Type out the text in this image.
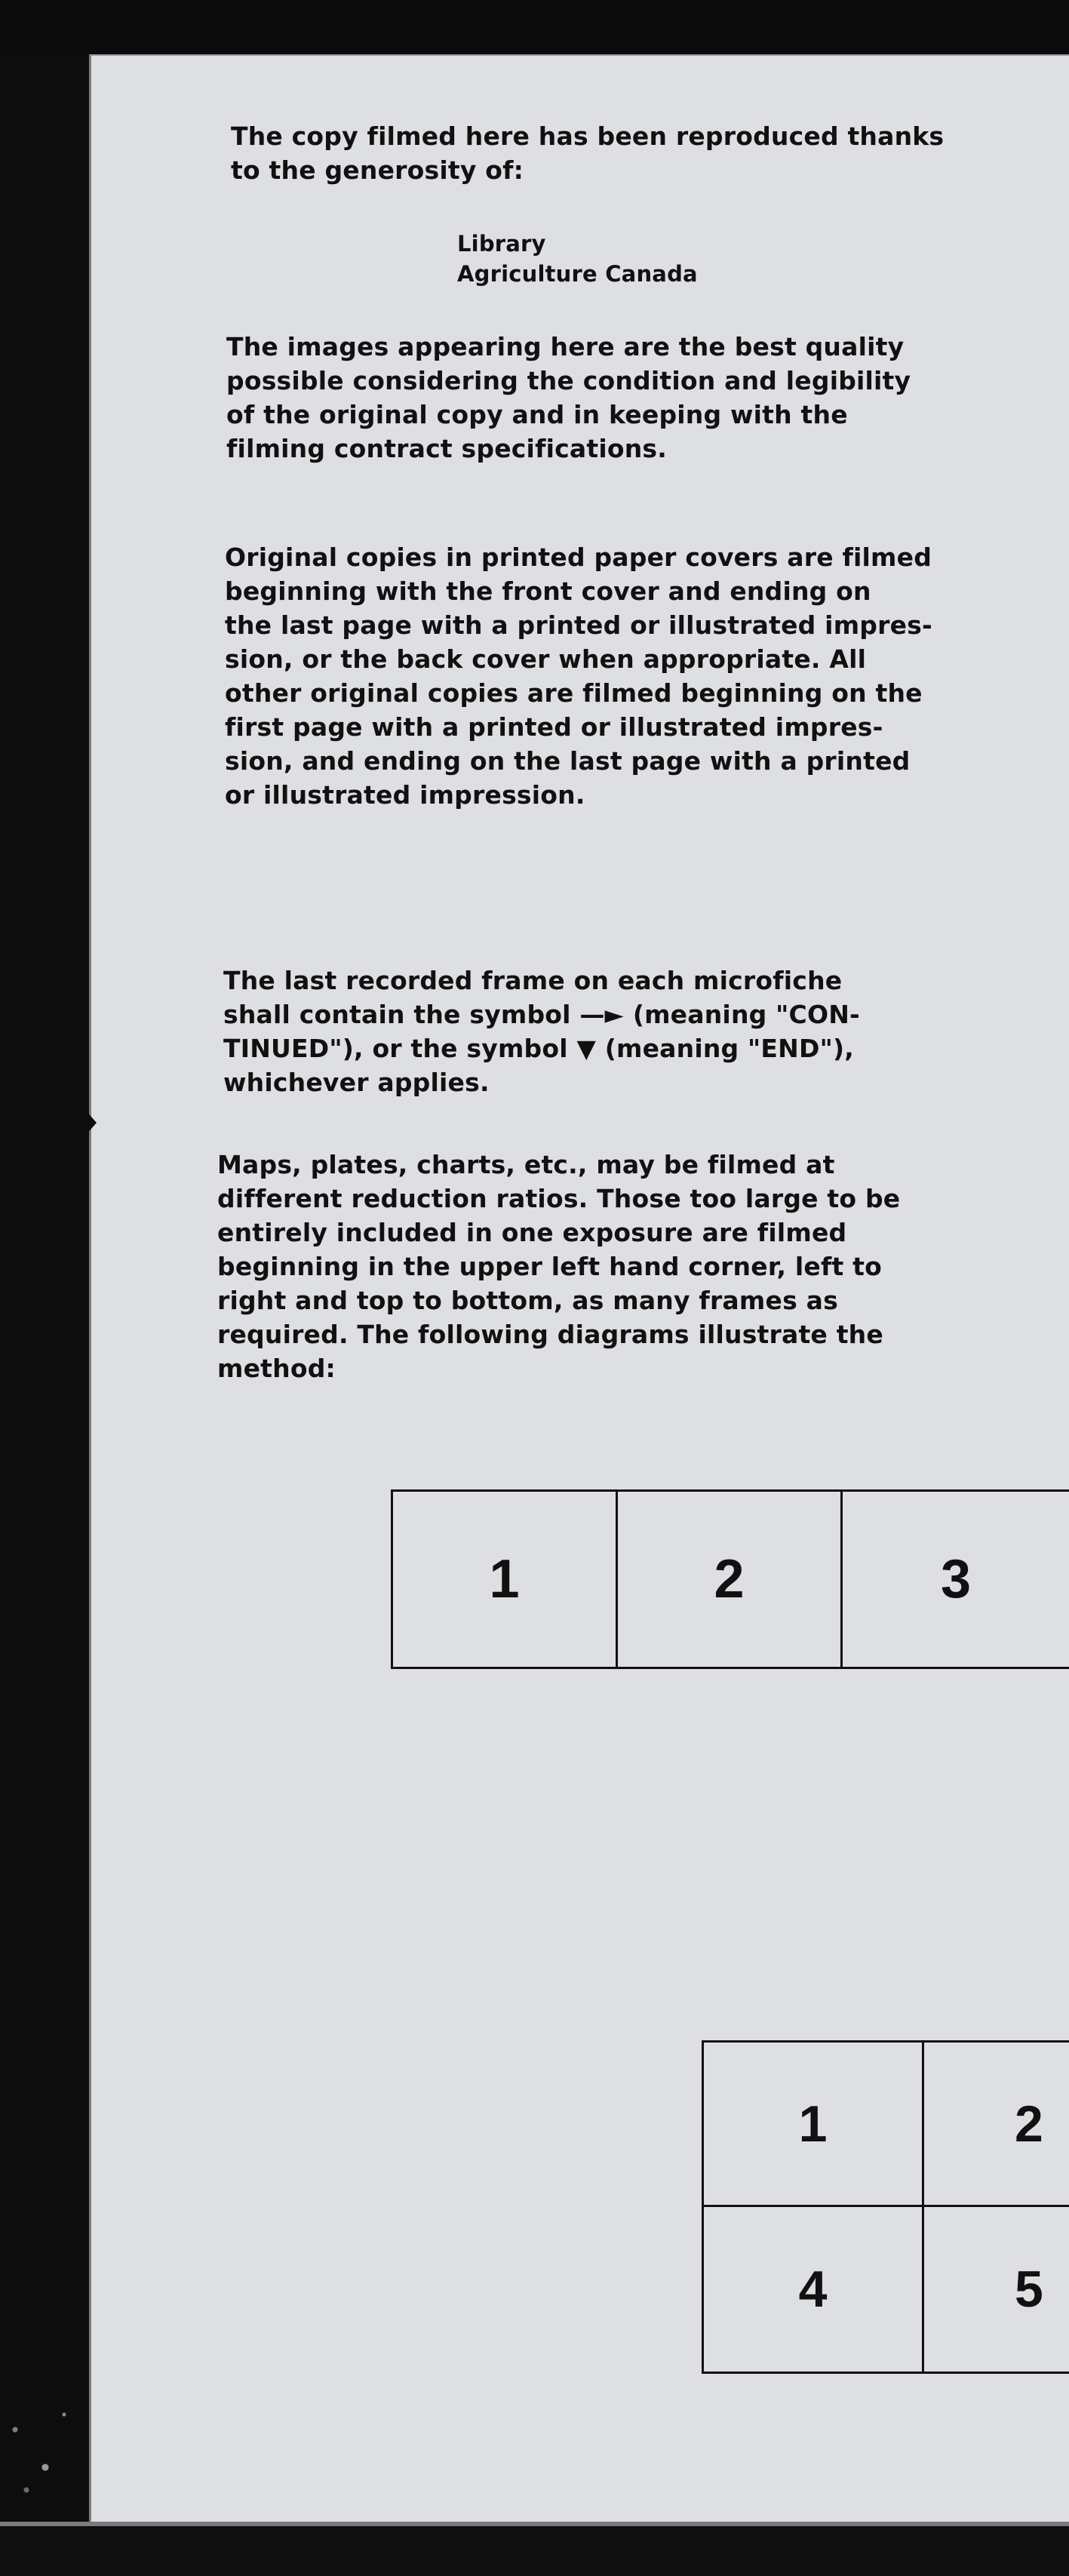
The copy filmed here has been reproduced thanks
to the generosity of:
Library
Agriculture Canada
The images appearing here are the best quality
possible considering the condition and legibility
of the original copy and in keeping with the
filming contract specifications.
Original copies in printed paper covers are filmed
beginning with the front cover and ending on
the last page with a printed or illustrated impres-
sion, or the back cover when appropriate. All
other original copies are filmed beginning on the
first page with a printed or illustrated impres-
sion, and ending on the last page with a printed
or illustrated impression.
The last recorded frame on each microfiche
shall contain the symbol —► (meaning "CON-
TINUED"), or the symbol ▼ (meaning "END"),
whichever applies.
Maps, plates, charts, etc., may be filmed at
different reduction ratios. Those too large to be
entirely included in one exposure are filmed
beginning in the upper left hand corner, left to
right and top to bottom, as many frames as
required. The following diagrams illustrate the
method:
1	2	3
1	2
4	5
